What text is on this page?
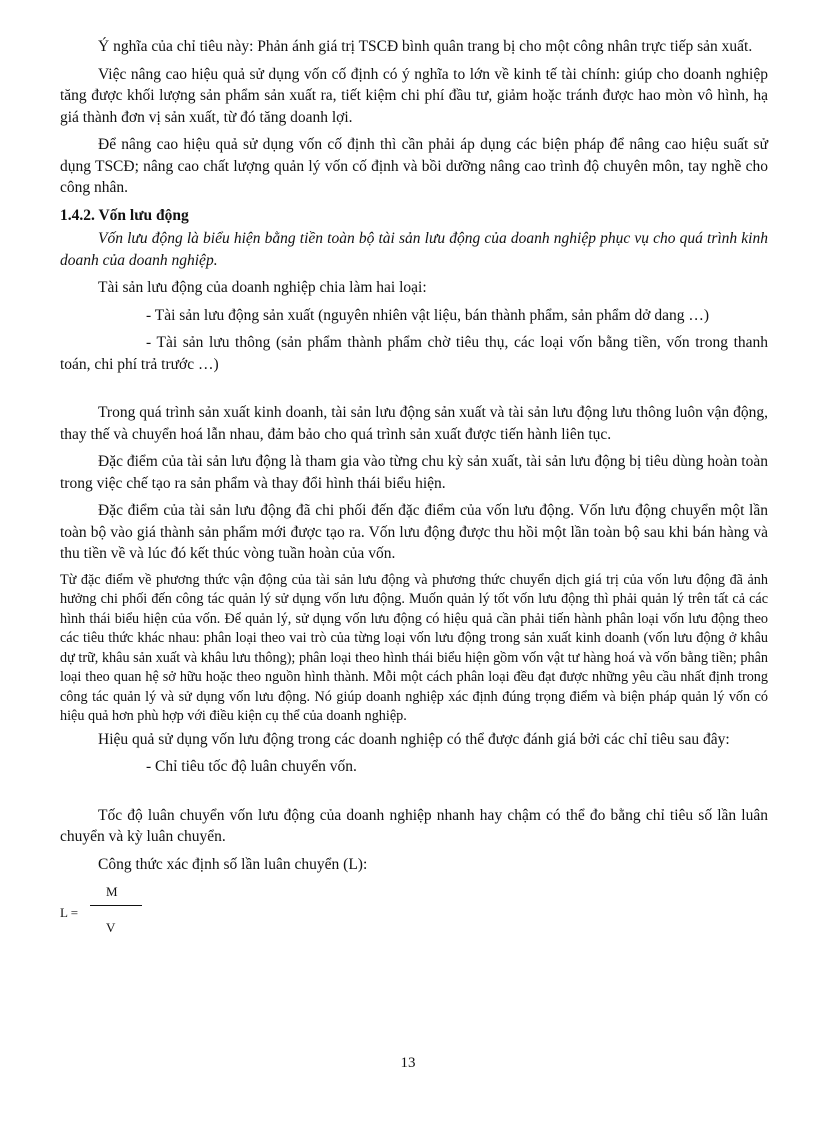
Ý nghĩa của chỉ tiêu này: Phản ánh giá trị TSCĐ bình quân trang bị cho một công nhân trực tiếp sản xuất.

Việc nâng cao hiệu quả sử dụng vốn cố định có ý nghĩa to lớn về kinh tế tài chính: giúp cho doanh nghiệp tăng được khối lượng sản phẩm sản xuất ra, tiết kiệm chi phí đầu tư, giảm hoặc tránh được hao mòn vô hình, hạ giá thành đơn vị sản xuất, từ đó tăng doanh lợi.

Để nâng cao hiệu quả sử dụng vốn cố định thì cần phải áp dụng các biện pháp để nâng cao hiệu suất sử dụng TSCĐ; nâng cao chất lượng quản lý vốn cố định và bồi dưỡng nâng cao trình độ chuyên môn, tay nghề cho công nhân.

1.4.2. Vốn lưu động

Vốn lưu động là biểu hiện bằng tiền toàn bộ tài sản lưu động của doanh nghiệp phục vụ cho quá trình kinh doanh của doanh nghiệp.

Tài sản lưu động của doanh nghiệp chia làm hai loại:

- Tài sản lưu động sản xuất (nguyên nhiên vật liệu, bán thành phẩm, sản phẩm dở dang …)

- Tài sản lưu thông (sản phẩm thành phẩm chờ tiêu thụ, các loại vốn bằng tiền, vốn trong thanh toán, chi phí trả trước …)

Trong quá trình sản xuất kinh doanh, tài sản lưu động sản xuất và tài sản lưu động lưu thông luôn vận động, thay thế và chuyển hoá lẫn nhau, đảm bảo cho quá trình sản xuất được tiến hành liên tục.

Đặc điểm của tài sản lưu động là tham gia vào từng chu kỳ sản xuất, tài sản lưu động bị tiêu dùng hoàn toàn trong việc chế tạo ra sản phẩm và thay đổi hình thái biểu hiện.

Đặc điểm của tài sản lưu động đã chi phối đến đặc điểm của vốn lưu động. Vốn lưu động chuyển một lần toàn bộ vào giá thành sản phẩm mới được tạo ra. Vốn lưu động được thu hồi một lần toàn bộ sau khi bán hàng và thu tiền về và lúc đó kết thúc vòng tuần hoàn của vốn.

Từ đặc điểm về phương thức vận động của tài sản lưu động và phương thức chuyển dịch giá trị của vốn lưu động đã ảnh hưởng chi phối đến công tác quản lý sử dụng vốn lưu động. Muốn quản lý tốt vốn lưu động thì phải quản lý trên tất cả các hình thái biểu hiện của vốn. Để quản lý, sử dụng vốn lưu động có hiệu quả cần phải tiến hành phân loại vốn lưu động theo các tiêu thức khác nhau: phân loại theo vai trò của từng loại vốn lưu động trong sản xuất kinh doanh (vốn lưu động ở khâu dự trữ, khâu sản xuất và khâu lưu thông); phân loại theo hình thái biểu hiện gồm vốn vật tư hàng hoá và vốn bằng tiền; phân loại theo quan hệ sở hữu hoặc theo nguồn hình thành. Mỗi một cách phân loại đều đạt được những yêu cầu nhất định trong công tác quản lý và sử dụng vốn lưu động. Nó giúp doanh nghiệp xác định đúng trọng điểm và biện pháp quản lý vốn có hiệu quả hơn phù hợp với điều kiện cụ thể của doanh nghiệp.

Hiệu quả sử dụng vốn lưu động trong các doanh nghiệp có thể được đánh giá bởi các chỉ tiêu sau đây:

- Chỉ tiêu tốc độ luân chuyển vốn.

Tốc độ luân chuyển vốn lưu động của doanh nghiệp nhanh hay chậm có thể đo bằng chỉ tiêu số lần luân chuyển và kỳ luân chuyển.

Công thức xác định số lần luân chuyển (L):

L =
M
V
13
